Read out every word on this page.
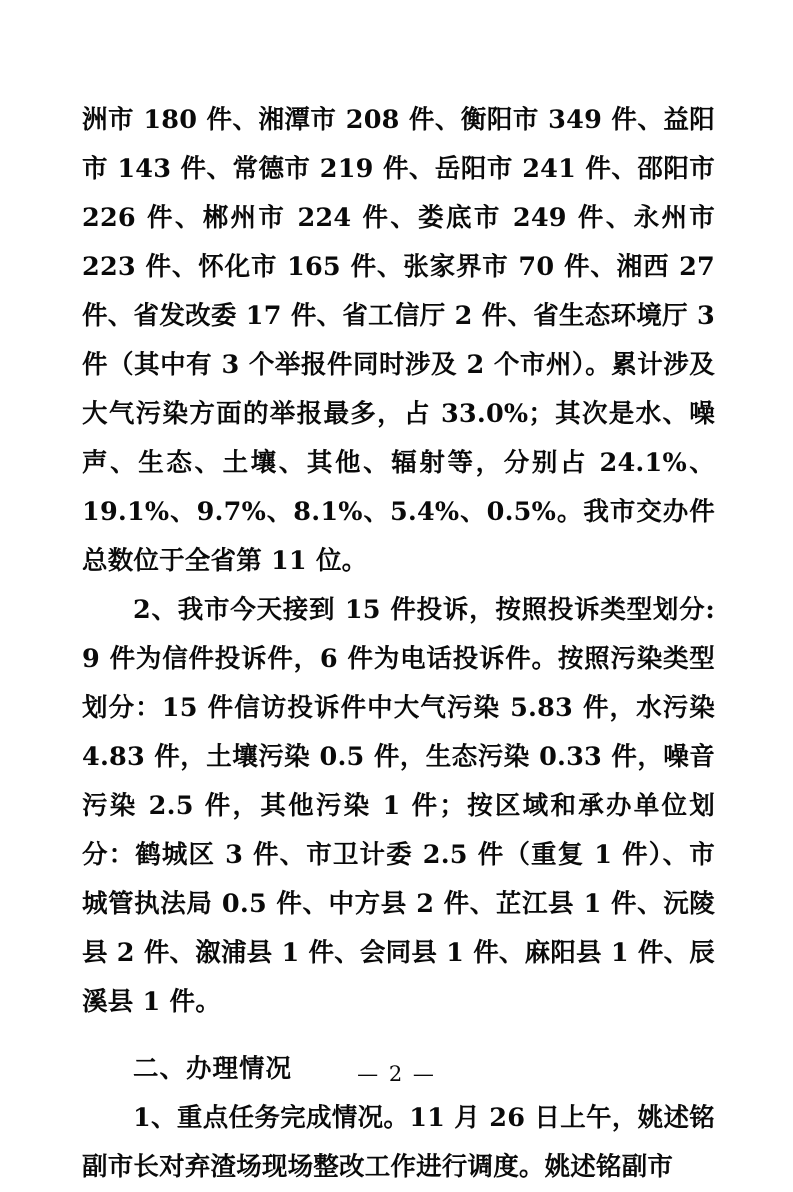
洲市 180 件、湘潭市 208 件、衡阳市 349 件、益阳市 143 件、常德市 219 件、岳阳市 241 件、邵阳市 226 件、郴州市 224 件、娄底市 249 件、永州市 223 件、怀化市 165 件、张家界市 70 件、湘西 27 件、省发改委 17 件、省工信厅 2 件、省生态环境厅 3 件（其中有 3 个举报件同时涉及 2 个市州）。累计涉及大气污染方面的举报最多，占 33.0%；其次是水、噪声、生态、土壤、其他、辐射等，分别占 24.1%、19.1%、9.7%、8.1%、5.4%、0.5%。我市交办件总数位于全省第 11 位。

2、我市今天接到 15 件投诉，按照投诉类型划分: 9 件为信件投诉件，6 件为电话投诉件。按照污染类型划分：15 件信访投诉件中大气污染 5.83 件，水污染 4.83 件，土壤污染 0.5 件，生态污染 0.33 件，噪音污染 2.5 件，其他污染 1 件；按区域和承办单位划分：鹤城区 3 件、市卫计委 2.5 件（重复 1 件）、市城管执法局 0.5 件、中方县 2 件、芷江县 1 件、沅陵县 2 件、溆浦县 1 件、会同县 1 件、麻阳县 1 件、辰溪县 1 件。

二、办理情况

1、重点任务完成情况。11 月 26 日上午，姚述铭副市长对弃渣场现场整改工作进行调度。姚述铭副市

— 2 —
